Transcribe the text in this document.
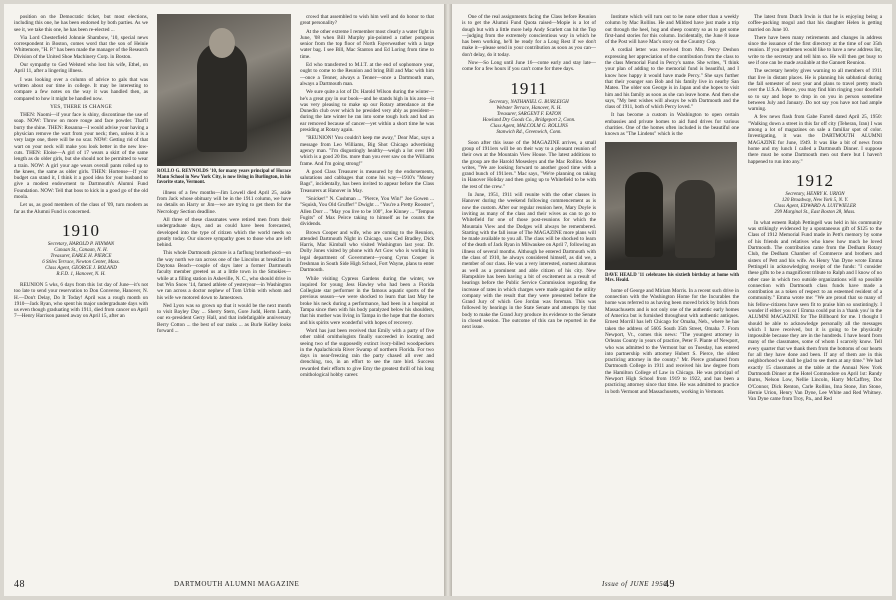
position on the Democratic ticket, but most elections, including this one, he has been endorsed by both parties. As we see it, we take this one, he has been re-elected ...

Via Lord Chesterfield Johnnie Shambow, '10, special news correspondent in Boston, comes word that the son of Heinie Whittemore, "H. P." has been made the manager of the Research Division of the United Shoe Machinery Corp. in Boston.

Our sympathy to Ged Welsted who lost his wife, Ethel, on April 11, after a lingering illness.

I was looking over a column of advice to gals that was written about our time in college. It may be interesting to compare a few notes on the way it was handled then, as compared to how it might be handled now.

YES, THERE IS CHANGE

THEN: Naomi—if your face is shiny, discontinue the use of soap. NOW: Throw on more rouge and face powder. That'll burry the shine. THEN: Rosanna—I would advise your having a physician remove the wart from your neck; then, unless it is a very large one, there will be no scar. NOW: Getting rid of that wart on your neck will make you look better in the new low-cuts. THEN: Eloise—A girl of 17 wears a skirt of the same length as do older girls, but she should not be permitted to wear a train. NOW: A girl your age wears overall pants rolled up to the knees, the same as older girls. THEN: Hortense—If your budget can stand it, I think it a good idea for your husband to give a modest endowment to Dartmouth's Alumni Fund Foundation. NOW: Tell that boss to kick in a good go of the old moola.

Let us, as good members of the class of '09, turn modern as far as the Alumni Fund is concerned.

1910
Secretary, HAROLD P. HINMAN
Canaan St., Canaan, N. H.
Treasurer, EARLE H. PIERCE
6 Stiles Terrace, Newton Center, Mass.
Class Agent, GEORGE J. BOLAND
R.F.D. 1, Hanover, N. H.

REUNION 5 wks, 6 days from this 1st day of June—it's not too late to send your reservation to Don Converse, Hanover, N. H.—Don't Delay, Do It Today! April was a rough month on 1910—Jack Ryan, who spent his major undergraduate days with us even though graduating with 1911, died from cancer on April 7—Henry Harrison passed away on April 15, after an

ROLLO G. REYNOLDS '10, for many years principal of Horace Mann School in New York City, is now living in Burlington, in his favorite state, Vermont.

illness of a few months—Jim Lowell died April 25, aside from Jack whose obituary will be in the 1911 column, we have no details on Harry or Jim—we are trying to get them for the Necrology Section deadline.

All three of these classmates were retired men from their undergraduate days, and as could have been forecasted, developed into the type of citizen which the world needs so greatly today. Our sincere sympathy goes to those who are left behind.

This whole Dartmouth picture is a farflung brotherhood—on the way north we ran across one of the Lincolns at breakfast in Daytona Beach—couple of days later a former Dartmouth faculty member greeted us at a little town in the Smokies—while at a filling station in Asheville, N. C., who should drive in but Win Snow '14, famed athlete of yesteryear—in Washington we ran across a doctor nephew of Tom Urbin with whom and his wife we motored down to Jamestown.

Ned Lyon was so grown up that it would be the next month to visit Bayley Day ... Sherry Stern, Gore Judd, Herm Lamb, our ex-president Gerry Hall, and that indefatigable anniversary Berry Cotton ... the best of our ranks ... as Burle Kelley looks forward ...

crowd that assembled to wish him well and do honor to that great personality?

At the other extreme I remember most clearly a water fight in June, '08 when Bill Murphy pin-pointed a rather pompous senior from the top floor of North Fayerweather with a large water bag. I see Bill, Mac Stanton and Ed Loring from time to time.

Ed who transferred to M.I.T. at the end of sophomore year, ought to come to the Reunion and bring Bill and Mac with him—once a Tenner, always a Tenner—once a Dartmouth man, always a Dartmouth man.

We sure quite a lot of Dr. Harold Wilson during the winter—he's a great guy in our book—and he stands high in his area—it was very pleasing to make up our Rotary attendance at the Dunedin club over which he presided very ably as president—during the late winter he ran into some tough luck and had an ear removed because of cancer—yet within a short time he was presiding at Rotary again.

"REUNION! You couldn't keep me away," Dear Mac, says a message from Leo Williams, Big Shot Chicago advertising agency man. "I'm disgustingly healthy—weigh a lot over 180 which is a good 20 lbs. more than you ever saw on the Williams frame. And I'm going strong!"

A good Class Treasurer is measured by the endorsements, salutations and cabbages that come his way—1910's "Money Bags", incidentally, has been invited to appear before the Class Treasurers at Hanover in May.

"Snicker!" N. Cushman ... "Pierce, You Win!" Joe Gowen ... "Squish, You Old Gruffer!" Dwight ... "You're a Pretty Rooster", Allen Dorr ... "May you live to be 100", Joe Kinney ... "Tempus Fugits" of Max Peirce taking to himself as he counts the dividends.

Brown Cooper and wife, who are coming to the Reunion, attended Dartmouth Night in Chicago, saw Ced Bradley, Dick Harris, Mac Kimball who visited Washington last year. Dr. Dolly Jones visited by phone with Art Gow who is working in legal department of Government—young Cyrus Cooper is freshman in South Side High School, Fort Wayne, plans to enter Dartmouth.

While visiting Cypress Gardens during the winter, we inquired for young Jess Hawley who had been a Florida Collegiate star performer in the famous aquatic sports of the previous season—we were shocked to learn that last May he broke his neck during a performance, had been in a hospital at Tampa since then with his body paralyzed below his shoulders, that his mother was living in Tampa in the hope that the doctors and his spirits were wonderful with hopes of recovery.

Word has just been received that Emily with a party of five other rabid ornithologists finally succeeded in locating and seeing two of the supposedly extinct ivory-billed woodpeckers in the Apalachicola River Swamp of northern Florida. For two days in near-freezing rain the party chased all over and drenching, too, in an effort to see the rare bird. Success rewarded their efforts to give Emy the greatest thrill of his long ornithological hobby career.

48	DARTMOUTH ALUMNI MAGAZINE

One of the real assignments facing the Class before Reunion is to get the Alumni Fund Quota raised—Mopie is a lot of dough but with a little more help Andy Scarlett can hit the Top—judging from the extremely conscientious way in which he has been working, he'll be ready for a Long Rest if we don't make it—please send in your contribution as soon as you can—don't delay, do it today.

Now—So Long until June 16—come early and stay late—come for a few hours if you can't come for three days.

1911
Secretary, NATHANIEL G. BURLEIGH
Webster Terrace, Hanover, N. H.
Treasurer, SARGENT F. EATON
Howland Dry Goods Co., Bridgeport 2, Conn.
Class Agent, MALCOLM G. ROLLINS
Stanwich Rd., Greenwich, Conn.

Soon after this issue of the MAGAZINE arrives, a small group of 1911ers will be on their way to a pleasant reunion of their own at the Mountain View House. The latest additions to the group are the Harold Mosesleys and the Mac Rollins. Mose writes, "We are looking forward to another good time with a grand bunch of 1911ers." Mac says, "We're planning on taking in Hanover Holiday and then going up to Whitefield to be with the rest of the crew."

In June, 1951, 1911 will reunite with the other classes in Hanover during the weekend following commencement as is now the custom. After our regular reunion here, Mary Doyle is inviting as many of the class and their wives as can to go to Whitefield for one of those post-reunions for which the Mountain View and the Dodges will always be remembered. Starting with the fall issue of The MAGAZINE more plans will be made available to you all. The class will be shocked to learn of the death of Jack Ryan in Milwaukee on April 7, following an illness of several months. Although he entered Dartmouth with the class of 1910, he always considered himself, as did we, a member of our class. He was a very interested, earnest alumnus as well as a prominent and able citizen of his city. New Hampshire has been having a bit of excitement as a result of hearings before the Public Service Commission regarding the increase of rates in which charges were made against the utility company with the result that they were presented before the Grand Jury of which Geo Jordan was foreman. This was followed by hearings in the State Senate and attempts by that body to make the Grand Jury produce its evidence to the Senate in closed session. The outcome of this can be reported in the next issue.

Institute which will turn out to be none other than a weekly column by Mac Rollins. He and Mildred have just made a trip out through the heel, hog and sheep country so as to get some first-hand stories for this column. Incidentally, the June 8 issue of the Post will have Mac's story on the Country Cop.

A cordial letter was received from Mrs. Percy Deshon expressing her appreciation of the contribution from the class to the class Memorial Fund in Percy's name. She writes, "I think your plan of adding to the memorial fund is beautiful, and I know how happy it would have made Percy." She says further that their younger son Bob and his family live in nearby San Mateo. The older son George is in Japan and she hopes to visit him and his family as soon as she can leave home. And then she says, "My best wishes will always be with Dartmouth and the class of 1911, both of which Percy loved."

It has become a custom in Washington to open certain embassies and private homes to aid fund drives for various charities. One of the homes often included is the beautiful one known as "The Lindens" which is the

DAVE HEALD '11 celebrates his sixtieth birthday at home with Mrs. Heald.

home of George and Miriam Morris. In a recent such drive in connection with the Washington Home for the Incurables the home was referred to as having been moved brick by brick from Massachusetts and is not only one of the authentic early homes of America but is furnished throughout with authentic antiques. Ernest Morrill has left Chicago for Omaha, Neb., where he has taken the address of 5605 South 35th Street, Omaha 7. From Newport, Vt., comes this news: "The youngest attorney in Orleans County in years of practice, Peter F. Plante of Newport, who was admitted to the Vermont bar on Tuesday, has entered into partnership with attorney Hubert S. Pierce, the oldest practicing attorney in the county." Mr. Pierce graduated from Dartmouth College in 1911 and received his law degree from the Hamilton College of Law in Chicago. He was principal of Newport High School from 1919 to 1922, and has been a practicing attorney since that time. He was admitted to practice in both Vermont and Massachusetts, working in Vermont.

The latest from Dutch Irwin is that he is enjoying being a coffee-packing mogul and that his daughter Helen is getting married on June 10.

There have been many retirements and changes in address since the issuance of the first directory at the time of our 35th reunion. If you gentlemen would like to have a new address list, write to the secretary and tell him so. He will then get busy to see if one can be made available at the Gannett Reunion.

The secretary hereby gives warning to all members of 1911 that live in distant places. He is planning his sabbatical during the fall semester of next year and plans to travel pretty much over the U.S.A. Hence, you may find him ringing your doorbell so to say and hope to drop in on you in person sometime between July and January. Do not say you have not had ample warning.

A few news flash from Gabe Farrell dated April 25, 1950: "Walking down a street in this far off city (Teheran, Iran) I was among a lot of magazines on sale a familiar spot of color. Investigating, it was the DARTMOUTH ALUMNI MAGAZINE for June, 1949. It was like a bit of news from home and my lunch I called a Dartmouth Dinner. I suppose there must be some Dartmouth men out there but I haven't happened to run into any."

1912
Secretary, HENRY K. URION
120 Broadway, New York 5, N. Y.
Class Agent, EDWARD A. LUITWIELER
299 Marginal St., East Boston 28, Mass.

In what esteem Ralph Pettingell was held in his community was strikingly evidenced by a spontaneous gift of $125 to the Class of 1912 Memorial Fund made in Pett's memory by some of his friends and relatives who knew how much he loved Dartmouth. The contribution came from the Dedham Rotary Club, the Dedham Chamber of Commerce and brothers and sisters of Pett and his wife. As Henry Van Dyne wrote Emma Pettingell in acknowledging receipt of the funds: "I consider these gifts to be a magnificent tribute to Ralph and I know of no other case in which two outside organizations will so possible connection with Dartmouth class funds have made a contribution as a token of respect to an esteemed resident of a community." Emma wrote me: "We are proud that so many of his fellow-citizens have seen fit to praise him so unstintingly. I wonder if either you or I Emma could put in a 'thank you' in the ALUMNI MAGAZINE for The Billboard for me. I thought I should be able to acknowledge personally all the messages which I have received, but it is going to be physically impossible because they are in the hundreds. I have heard from many of the classmates, some of whom I scarcely know. Tell every quarter that we thank them from the bottoms of our hearts for all they have done and been. If any of them are in this neighborhood we shall be glad to see them at any time." We had exactly 15 classmates at the table at the Annual New York Dartmouth Dinner at the Hotel Commodore on April 1st: Randy Burns, Nelson Low, Nellie Lincoln, Harry McCaffrey, Doc O'Connor, Dick Renton, Carle Rollins, Ima Stone, Jim Stone, Hernie Urion, Henry Van Dyne, Lee White and Red Whitney. Van Dyne came from Troy, Pa., and Red

Issue of JUNE 1950
49
